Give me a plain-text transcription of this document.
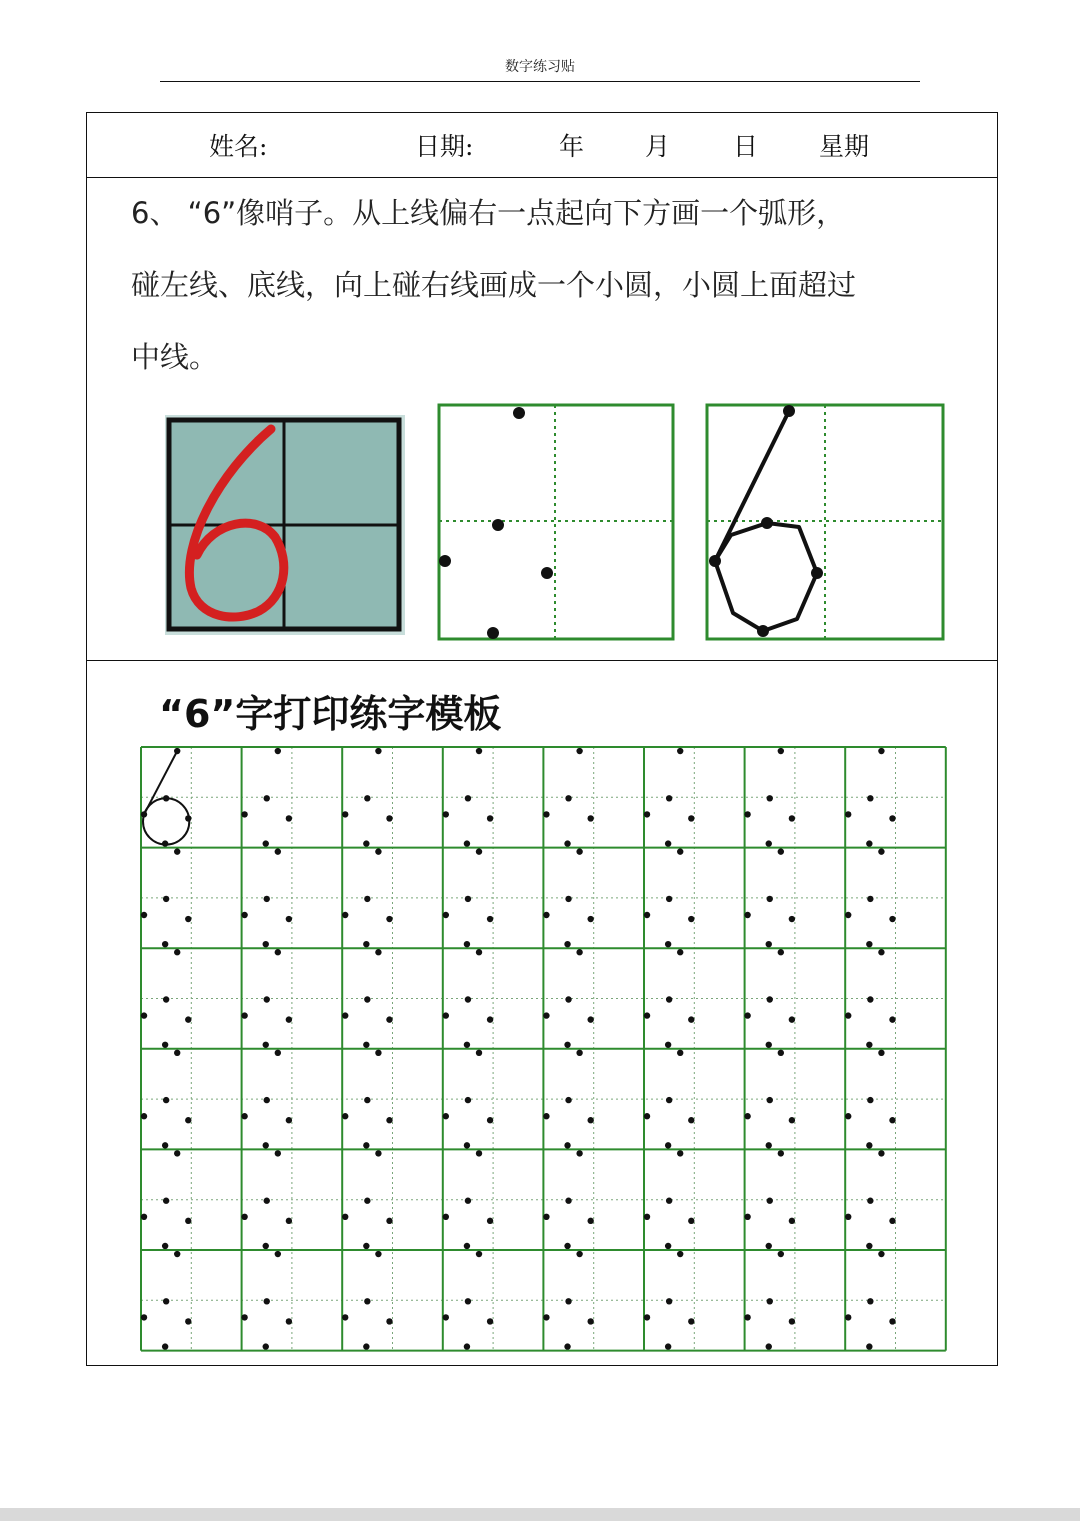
数字练习贴
姓名:	日期:	年 月	日 星期
6、 “6”像哨子。从上线偏右一点起向下方画一个弧形，
碰左线、底线，向上碰右线画成一个小圆，小圆上面超过
中线。
“6”字打印练字模板
